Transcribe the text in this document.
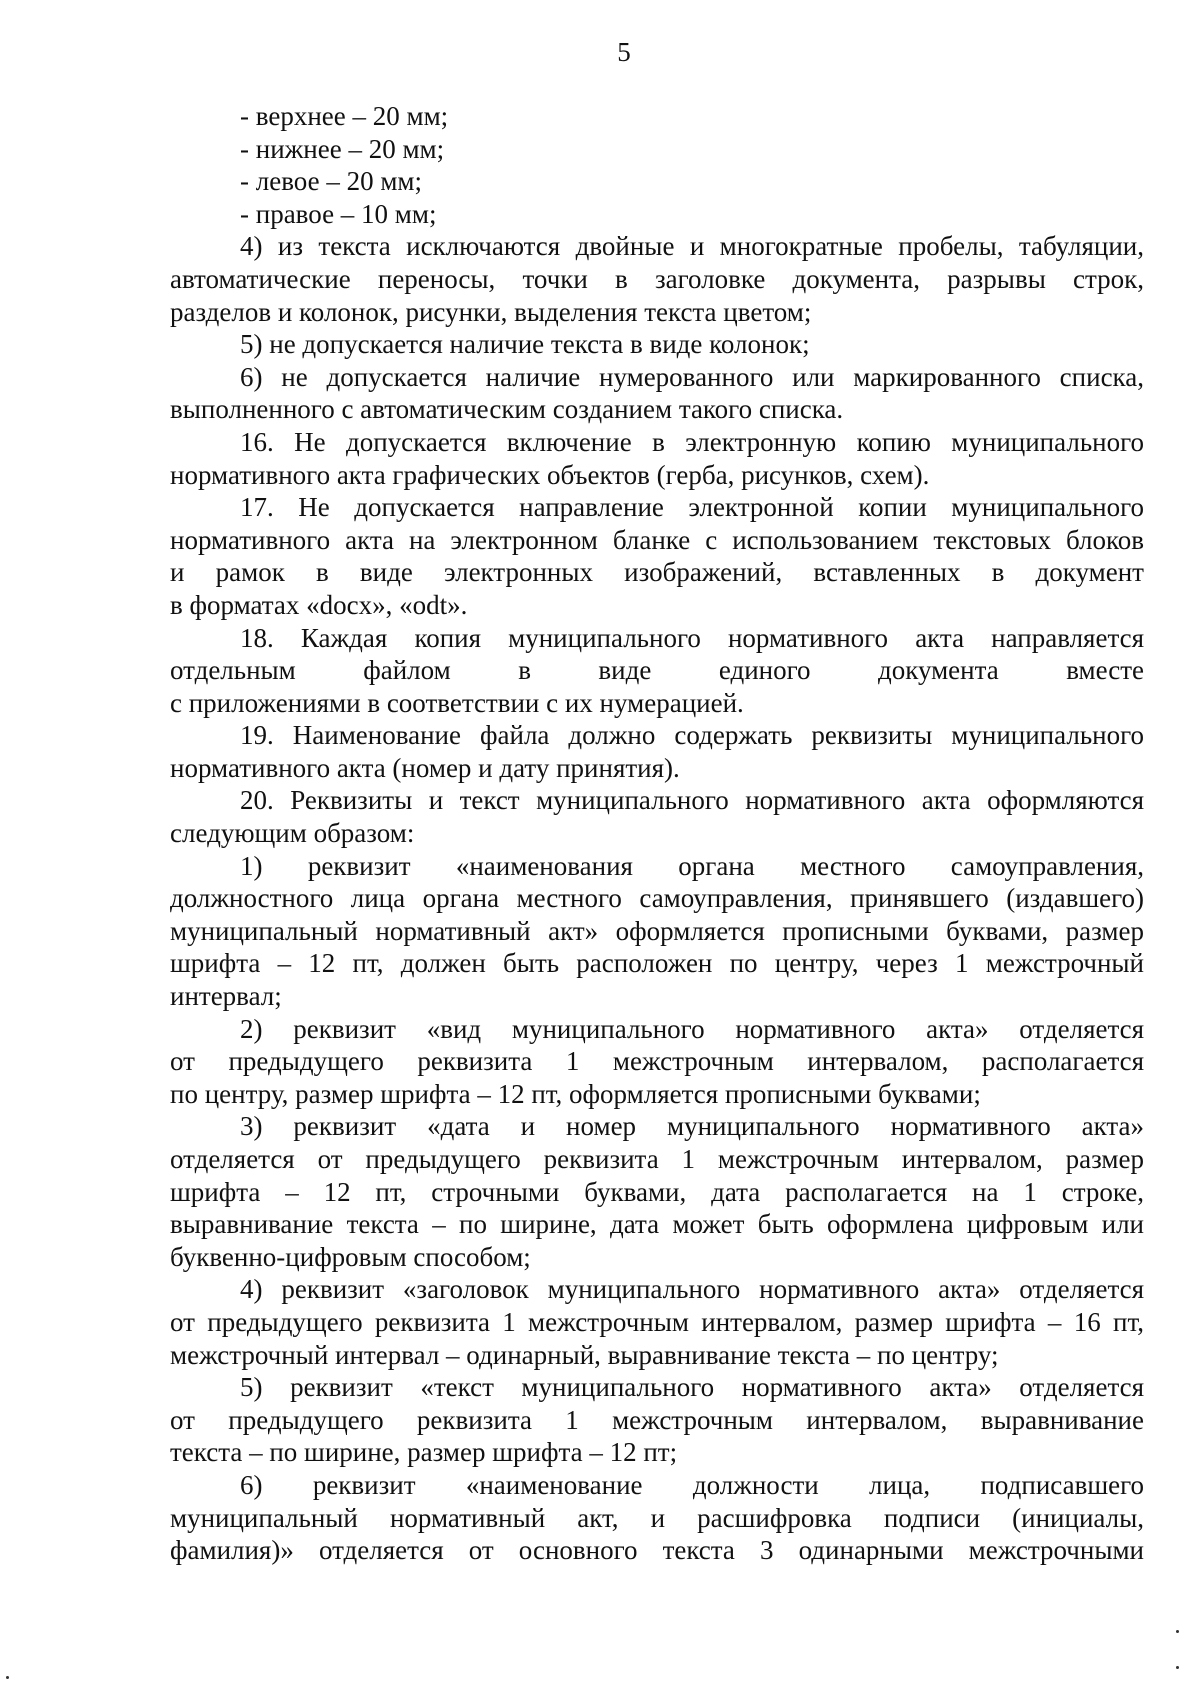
5
- верхнее – 20 мм;
- нижнее – 20 мм;
- левое – 20 мм;
- правое – 10 мм;
4) из текста исключаются двойные и многократные пробелы, табуляции,
автоматические переносы, точки в заголовке документа, разрывы строк,
разделов и колонок, рисунки, выделения текста цветом;
5) не допускается наличие текста в виде колонок;
6) не допускается наличие нумерованного или маркированного списка,
выполненного с автоматическим созданием такого списка.
16. Не допускается включение в электронную копию муниципального
нормативного акта графических объектов (герба, рисунков, схем).
17. Не допускается направление электронной копии муниципального
нормативного акта на электронном бланке с использованием текстовых блоков
и рамок в виде электронных изображений, вставленных в документ
в форматах «docx», «odt».
18. Каждая копия муниципального нормативного акта направляется
отдельным файлом в виде единого документа вместе
с приложениями в соответствии с их нумерацией.
19. Наименование файла должно содержать реквизиты муниципального
нормативного акта (номер и дату принятия).
20. Реквизиты и текст муниципального нормативного акта оформляются
следующим образом:
1) реквизит «наименования органа местного самоуправления,
должностного лица органа местного самоуправления, принявшего (издавшего)
муниципальный нормативный акт» оформляется прописными буквами, размер
шрифта – 12 пт, должен быть расположен по центру, через 1 межстрочный
интервал;
2) реквизит «вид муниципального нормативного акта» отделяется
от предыдущего реквизита 1 межстрочным интервалом, располагается
по центру, размер шрифта – 12 пт, оформляется прописными буквами;
3) реквизит «дата и номер муниципального нормативного акта»
отделяется от предыдущего реквизита 1 межстрочным интервалом, размер
шрифта – 12 пт, строчными буквами, дата располагается на 1 строке,
выравнивание текста – по ширине, дата может быть оформлена цифровым или
буквенно-цифровым способом;
4) реквизит «заголовок муниципального нормативного акта» отделяется
от предыдущего реквизита 1 межстрочным интервалом, размер шрифта – 16 пт,
межстрочный интервал – одинарный, выравнивание текста – по центру;
5) реквизит «текст муниципального нормативного акта» отделяется
от предыдущего реквизита 1 межстрочным интервалом, выравнивание
текста – по ширине, размер шрифта – 12 пт;
6) реквизит «наименование должности лица, подписавшего
муниципальный нормативный акт, и расшифровка подписи (инициалы,
фамилия)» отделяется от основного текста 3 одинарными межстрочными
